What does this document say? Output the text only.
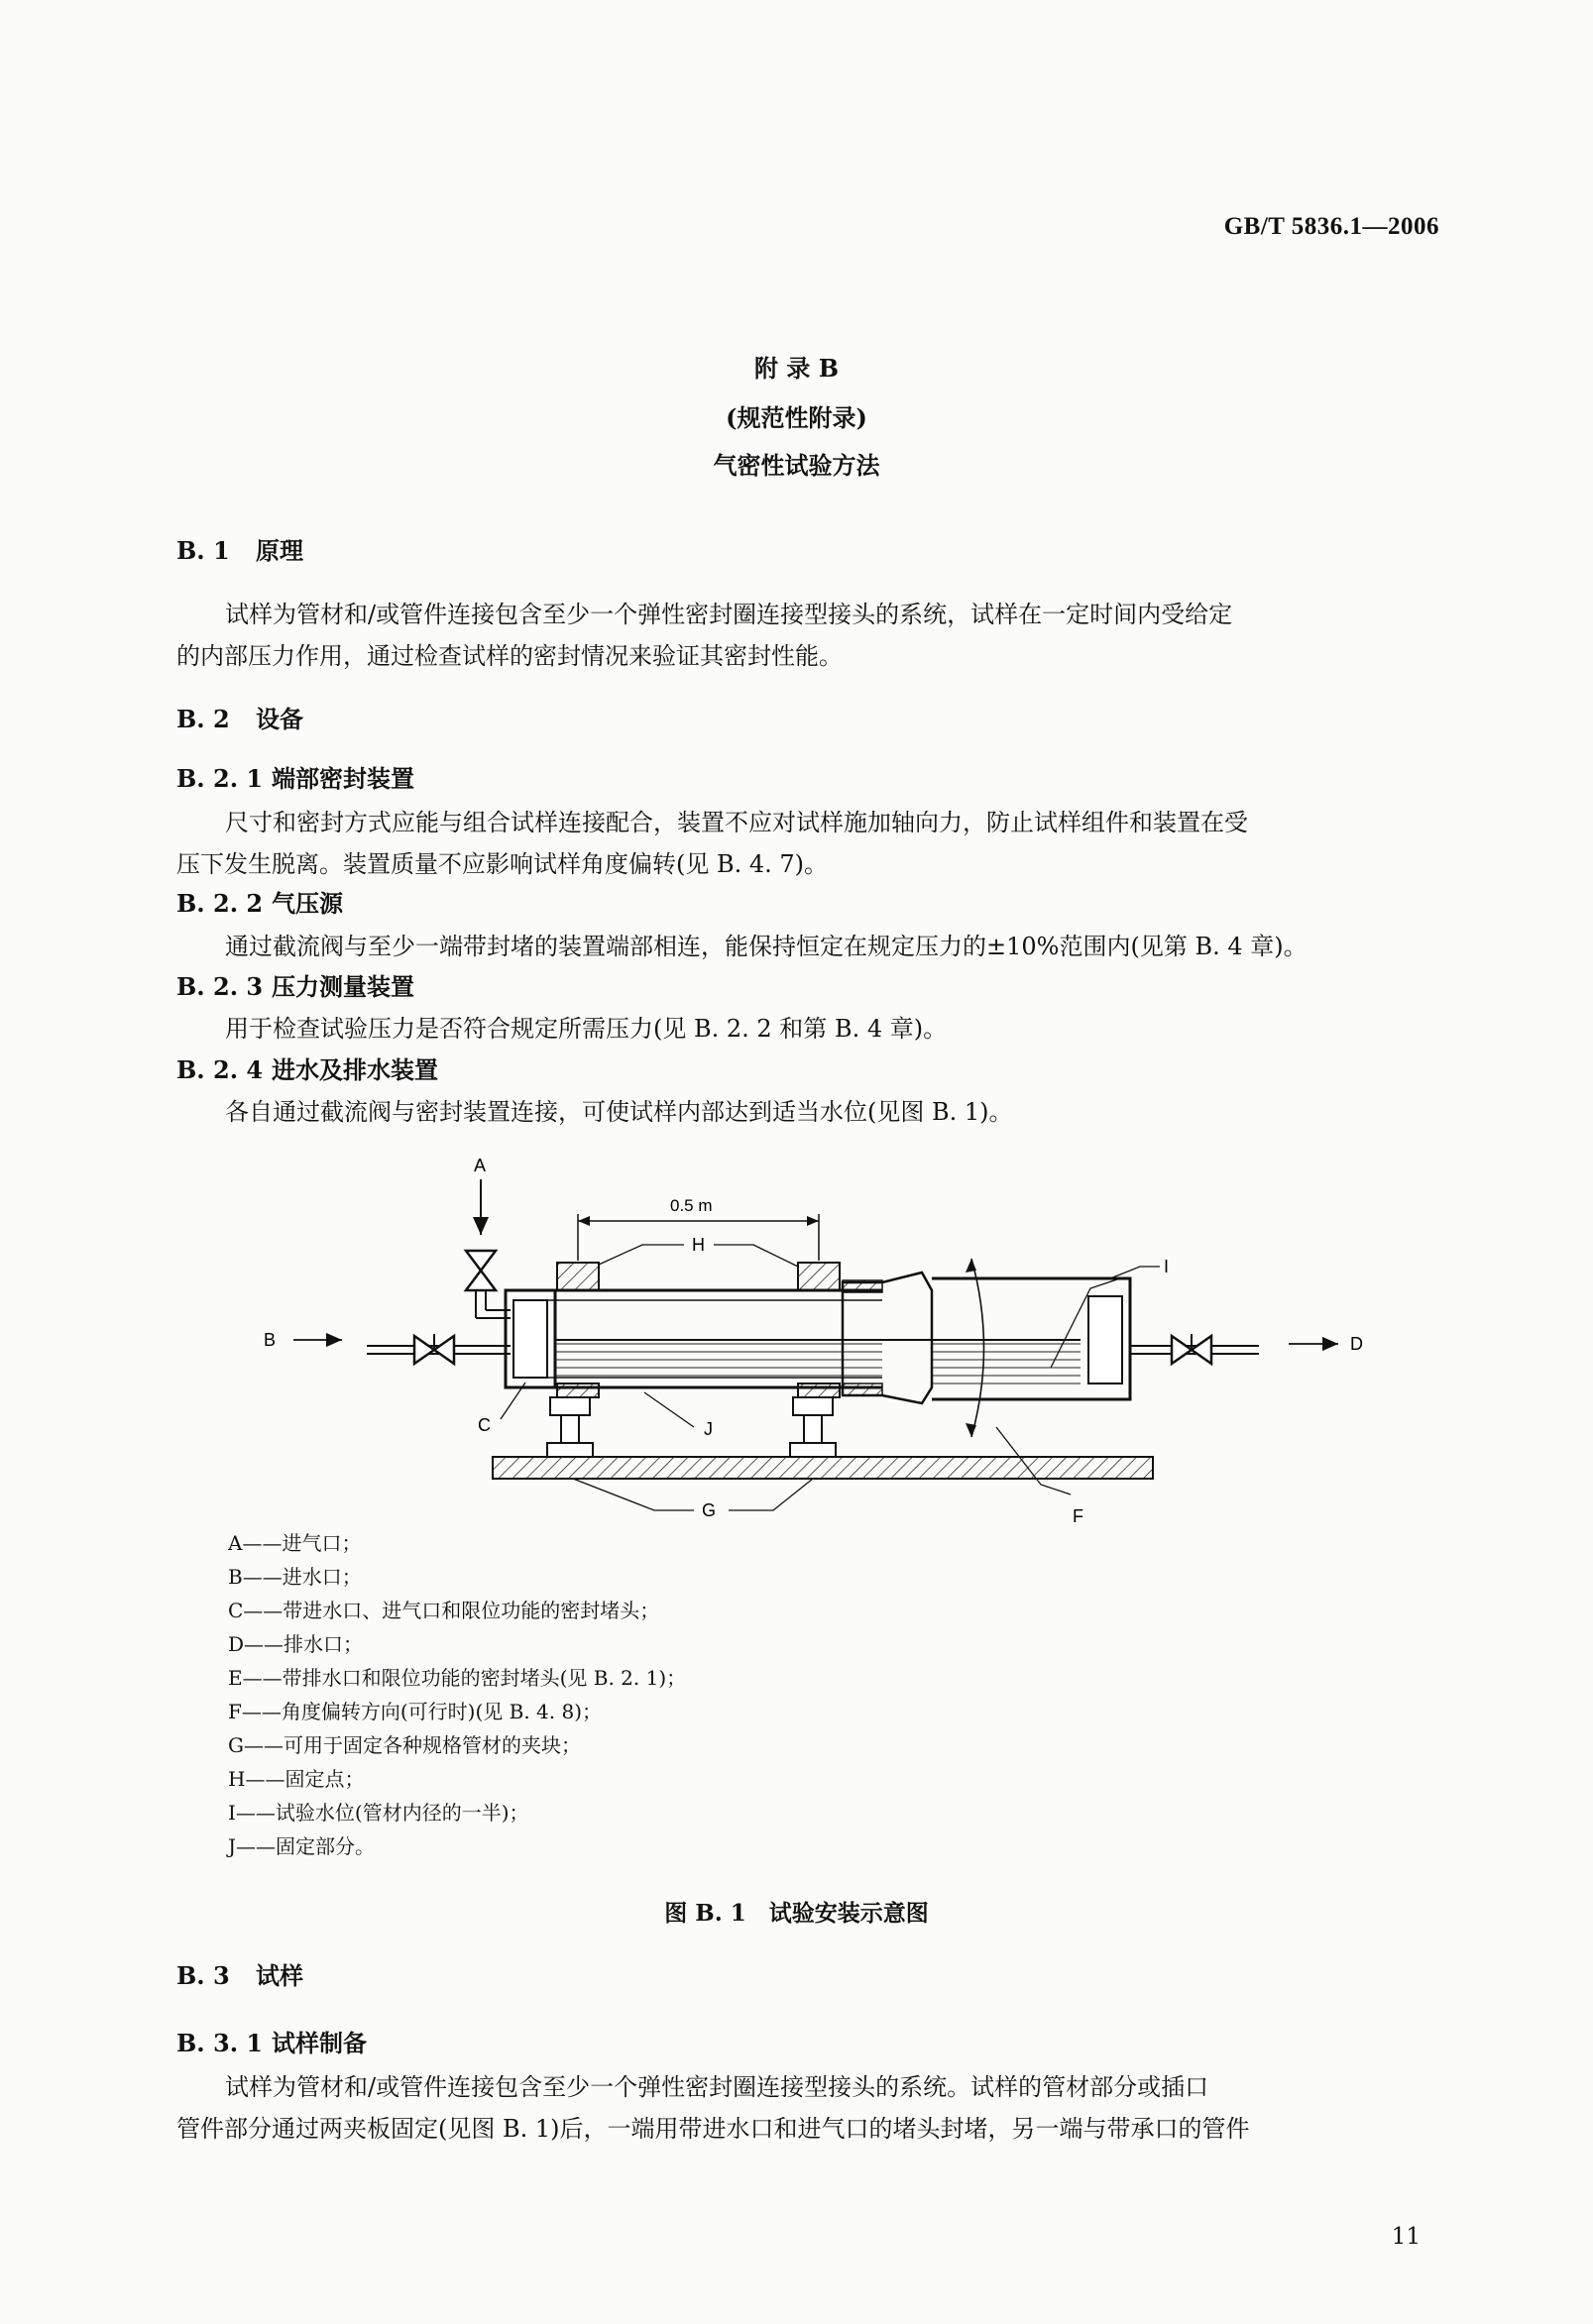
GB/T 5836.1—2006
附 录 B
(规范性附录)
气密性试验方法
B. 1 原理
试样为管材和/或管件连接包含至少一个弹性密封圈连接型接头的系统，试样在一定时间内受给定
的内部压力作用，通过检查试样的密封情况来验证其密封性能。
B. 2 设备
B. 2. 1 端部密封装置
尺寸和密封方式应能与组合试样连接配合，装置不应对试样施加轴向力，防止试样组件和装置在受
压下发生脱离。装置质量不应影响试样角度偏转(见 B. 4. 7)。
B. 2. 2 气压源
通过截流阀与至少一端带封堵的装置端部相连，能保持恒定在规定压力的±10%范围内(见第 B. 4 章)。
B. 2. 3 压力测量装置
用于检查试验压力是否符合规定所需压力(见 B. 2. 2 和第 B. 4 章)。
B. 2. 4 进水及排水装置
各自通过截流阀与密封装置连接，可使试样内部达到适当水位(见图 B. 1)。
A
B
C
D
F
G
H
I
J
0.5 m
A——进气口；
B——进水口；
C——带进水口、进气口和限位功能的密封堵头；
D——排水口；
E——带排水口和限位功能的密封堵头(见 B. 2. 1)；
F——角度偏转方向(可行时)(见 B. 4. 8)；
G——可用于固定各种规格管材的夹块；
H——固定点；
I——试验水位(管材内径的一半)；
J——固定部分。
图 B. 1　试验安装示意图
B. 3 试样
B. 3. 1 试样制备
试样为管材和/或管件连接包含至少一个弹性密封圈连接型接头的系统。试样的管材部分或插口
管件部分通过两夹板固定(见图 B. 1)后，一端用带进水口和进气口的堵头封堵，另一端与带承口的管件
11
